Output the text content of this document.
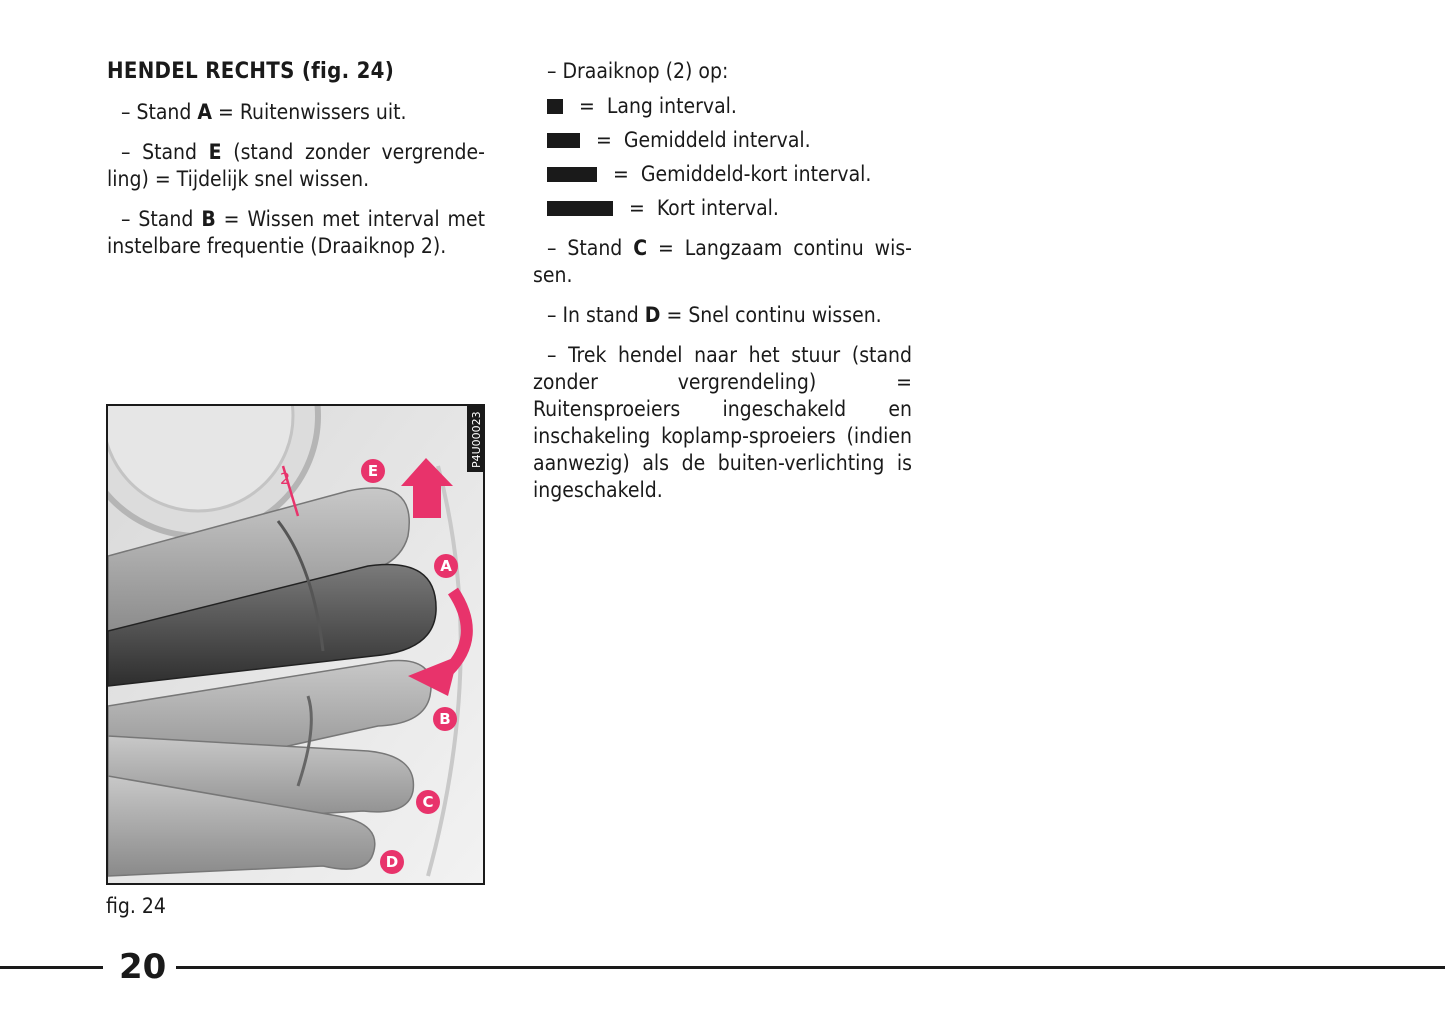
HENDEL RECHTS (fig. 24)

– Stand A = Ruitenwissers uit.

– Stand E (stand zonder vergrende-ling) = Tijdelijk snel wissen.

– Stand B = Wissen met interval met instelbare frequentie (Draaiknop 2).

– Draaiknop (2) op:

= Lang interval.
= Gemiddeld interval.
= Gemiddeld-kort interval.
= Kort interval.

– Stand C = Langzaam continu wis-sen.

– In stand D = Snel continu wissen.

– Trek hendel naar het stuur (stand zonder vergrendeling) = Ruitensproeiers ingeschakeld en inschakeling koplamp-sproeiers (indien aanwezig) als de buiten-verlichting is ingeschakeld.

2	E
A
B
C
D
P4U00023
fig. 24
20
